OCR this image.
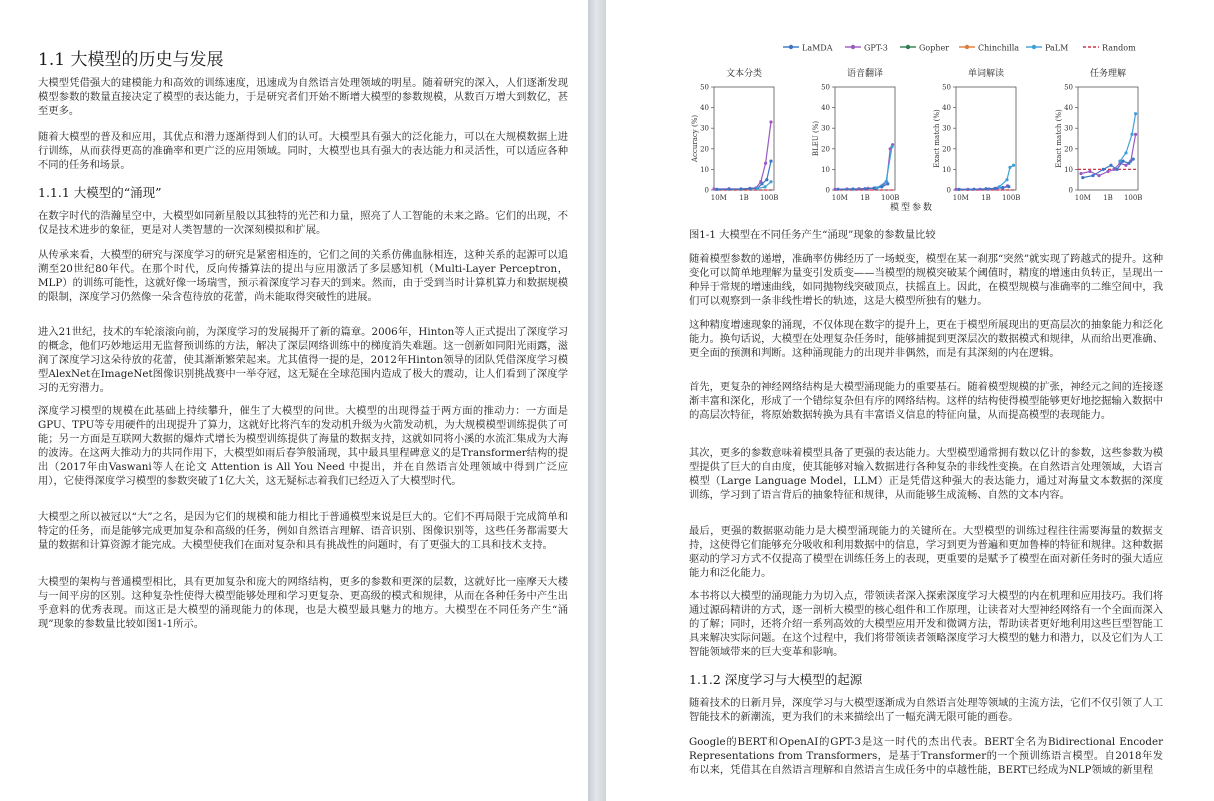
1.1 大模型的历史与发展

大模型凭借强大的建模能力和高效的训练速度，迅速成为自然语言处理领域的明星。随着研究的深入，人们逐渐发现模型参数的数量直接决定了模型的表达能力，于是研究者们开始不断增大模型的参数规模，从数百万增大到数亿，甚至更多。

随着大模型的普及和应用，其优点和潜力逐渐得到人们的认可。大模型具有强大的泛化能力，可以在大规模数据上进行训练，从而获得更高的准确率和更广泛的应用领域。同时，大模型也具有强大的表达能力和灵活性，可以适应各种不同的任务和场景。

1.1.1 大模型的“涌现”

在数字时代的浩瀚星空中，大模型如同新星般以其独特的光芒和力量，照亮了人工智能的未来之路。它们的出现，不仅是技术进步的象征，更是对人类智慧的一次深刻模拟和扩展。

从传承来看，大模型的研究与深度学习的研究是紧密相连的，它们之间的关系仿佛血脉相连，这种关系的起源可以追溯至20世纪80年代。在那个时代，反向传播算法的提出与应用激活了多层感知机（Multi-Layer Perceptron，MLP）的训练可能性，这就好像一场瑞雪，预示着深度学习春天的到来。然而，由于受到当时计算机算力和数据规模的限制，深度学习仍然像一朵含苞待放的花蕾，尚未能取得突破性的进展。

进入21世纪，技术的车轮滚滚向前，为深度学习的发展揭开了新的篇章。2006年，Hinton等人正式提出了深度学习的概念，他们巧妙地运用无监督预训练的方法，解决了深层网络训练中的梯度消失难题。这一创新如同阳光雨露，滋润了深度学习这朵待放的花蕾，使其渐渐繁荣起来。尤其值得一提的是，2012年Hinton领导的团队凭借深度学习模型AlexNet在ImageNet图像识别挑战赛中一举夺冠，这无疑在全球范围内造成了极大的震动，让人们看到了深度学习的无穷潜力。

深度学习模型的规模在此基础上持续攀升，催生了大模型的问世。大模型的出现得益于两方面的推动力：一方面是GPU、TPU等专用硬件的出现提升了算力，这就好比将汽车的发动机升级为火箭发动机，为大规模模型训练提供了可能；另一方面是互联网大数据的爆炸式增长为模型训练提供了海量的数据支持，这就如同将小溪的水流汇集成为大海的波涛。在这两大推动力的共同作用下，大模型如雨后春笋般涌现，其中最具里程碑意义的是Transformer结构的提出（2017年由Vaswani等人在论文 Attention is All You Need 中提出，并在自然语言处理领域中得到广泛应用），它使得深度学习模型的参数突破了1亿大关，这无疑标志着我们已经迈入了大模型时代。

大模型之所以被冠以“大”之名，是因为它们的规模和能力相比于普通模型来说是巨大的。它们不再局限于完成简单和特定的任务，而是能够完成更加复杂和高级的任务，例如自然语言理解、语音识别、图像识别等，这些任务都需要大量的数据和计算资源才能完成。大模型使我们在面对复杂和具有挑战性的问题时，有了更强大的工具和技术支持。

大模型的架构与普通模型相比，具有更加复杂和庞大的网络结构，更多的参数和更深的层数，这就好比一座摩天大楼与一间平房的区别。这种复杂性使得大模型能够处理和学习更复杂、更高级的模式和规律，从而在各种任务中产生出乎意料的优秀表现。而这正是大模型的涌现能力的体现，也是大模型最具魅力的地方。大模型在不同任务产生“涌现”现象的参数量比较如图1-1所示。

LaMDA	GPT-3	Gopher	Chinchilla	PaLM	Random
文本分类
0
10
20
30
40
50
10M 1B 100B
Accuracy (%)
语音翻译
0
10
20
30
40
50
10M 1B 100B
BLEU (%)
单词解读
0
10
20
30
40
50
10M 1B 100B
Exact match (%)
任务理解
0
10
20
30
40
50
10M 1B 100B
Exact match (%)
模型参数
图1-1 大模型在不同任务产生“涌现”现象的参数量比较

随着模型参数的递增，准确率仿佛经历了一场蜕变，模型在某一刹那“突然”就实现了跨越式的提升。这种变化可以简单地理解为量变引发质变——当模型的规模突破某个阈值时，精度的增速由负转正，呈现出一种异于常规的增速曲线，如同抛物线突破顶点，扶摇直上。因此，在模型规模与准确率的二维空间中，我们可以观察到一条非线性增长的轨迹，这是大模型所独有的魅力。

这种精度增速现象的涌现，不仅体现在数字的提升上，更在于模型所展现出的更高层次的抽象能力和泛化能力。换句话说，大模型在处理复杂任务时，能够捕捉到更深层次的数据模式和规律，从而给出更准确、更全面的预测和判断。这种涌现能力的出现并非偶然，而是有其深刻的内在逻辑。

首先，更复杂的神经网络结构是大模型涌现能力的重要基石。随着模型规模的扩张，神经元之间的连接逐渐丰富和深化，形成了一个错综复杂但有序的网络结构。这样的结构使得模型能够更好地挖掘输入数据中的高层次特征，将原始数据转换为具有丰富语义信息的特征向量，从而提高模型的表现能力。

其次，更多的参数意味着模型具备了更强的表达能力。大型模型通常拥有数以亿计的参数，这些参数为模型提供了巨大的自由度，使其能够对输入数据进行各种复杂的非线性变换。在自然语言处理领域，大语言模型（Large Language Model，LLM）正是凭借这种强大的表达能力，通过对海量文本数据的深度训练，学习到了语言背后的抽象特征和规律，从而能够生成流畅、自然的文本内容。

最后，更强的数据驱动能力是大模型涌现能力的关键所在。大型模型的训练过程往往需要海量的数据支持，这使得它们能够充分吸收和利用数据中的信息，学习到更为普遍和更加鲁棒的特征和规律。这种数据驱动的学习方式不仅提高了模型在训练任务上的表现，更重要的是赋予了模型在面对新任务时的强大适应能力和泛化能力。

本书将以大模型的涌现能力为切入点，带领读者深入探索深度学习大模型的内在机理和应用技巧。我们将通过源码精讲的方式，逐一剖析大模型的核心组件和工作原理，让读者对大型神经网络有一个全面而深入的了解；同时，还将介绍一系列高效的大模型应用开发和微调方法，帮助读者更好地利用这些巨型智能工具来解决实际问题。在这个过程中，我们将带领读者领略深度学习大模型的魅力和潜力，以及它们为人工智能领域带来的巨大变革和影响。

1.1.2 深度学习与大模型的起源

随着技术的日新月异，深度学习与大模型逐渐成为自然语言处理等领域的主流方法，它们不仅引领了人工智能技术的新潮流，更为我们的未来描绘出了一幅充满无限可能的画卷。

Google的BERT和OpenAI的GPT-3是这一时代的杰出代表。BERT全名为Bidirectional Encoder Representations from Transformers，是基于Transformer的一个预训练语言模型。自2018年发布以来，凭借其在自然语言理解和自然语言生成任务中的卓越性能，BERT已经成为NLP领域的新里程
